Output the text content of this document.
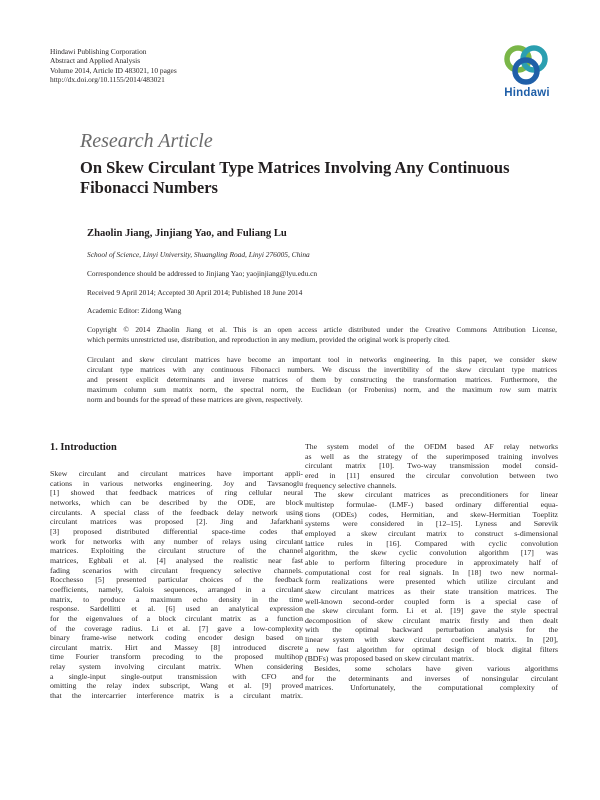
Hindawi Publishing Corporation
Abstract and Applied Analysis
Volume 2014, Article ID 483021, 10 pages
http://dx.doi.org/10.1155/2014/483021
Hindawi
Research Article
On Skew Circulant Type Matrices Involving Any Continuous
Fibonacci Numbers
Zhaolin Jiang, Jinjiang Yao, and Fuliang Lu
School of Science, Linyi University, Shuangling Road, Linyi 276005, China
Correspondence should be addressed to Jinjiang Yao; yaojinjiang@lyu.edu.cn
Received 9 April 2014; Accepted 30 April 2014; Published 18 June 2014
Academic Editor: Zidong Wang
Copyright © 2014 Zhaolin Jiang et al. This is an open access article distributed under the Creative Commons Attribution License,
which permits unrestricted use, distribution, and reproduction in any medium, provided the original work is properly cited.
Circulant and skew circulant matrices have become an important tool in networks engineering. In this paper, we consider skew
circulant type matrices with any continuous Fibonacci numbers. We discuss the invertibility of the skew circulant type matrices
and present explicit determinants and inverse matrices of them by constructing the transformation matrices. Furthermore, the
maximum column sum matrix norm, the spectral norm, the Euclidean (or Frobenius) norm, and the maximum row sum matrix
norm and bounds for the spread of these matrices are given, respectively.
1. Introduction
Skew circulant and circulant matrices have important appli-
cations in various networks engineering. Joy and Tavsanoglu
[1] showed that feedback matrices of ring cellular neural
networks, which can be described by the ODE, are block
circulants. A special class of the feedback delay network using
circulant matrices was proposed [2]. Jing and Jafarkhani
[3] proposed distributed differential space-time codes that
work for networks with any number of relays using circulant
matrices. Exploiting the circulant structure of the channel
matrices, Eghbali et al. [4] analysed the realistic near fast
fading scenarios with circulant frequency selective channels.
Rocchesso [5] presented particular choices of the feedback
coefficients, namely, Galois sequences, arranged in a circulant
matrix, to produce a maximum echo density in the time
response. Sardellitti et al. [6] used an analytical expression
for the eigenvalues of a block circulant matrix as a function
of the coverage radius. Li et al. [7] gave a low-complexity
binary frame-wise network coding encoder design based on
circulant matrix. Hirt and Massey [8] introduced discrete
time Fourier transform precoding to the proposed multihop
relay system involving circulant matrix. When considering
a single-input single-output transmission with CFO and
omitting the relay index subscript, Wang et al. [9] proved
that the intercarrier interference matrix is a circulant matrix.
The system model of the OFDM based AF relay networks
as well as the strategy of the superimposed training involves
circulant matrix [10]. Two-way transmission model consid-
ered in [11] ensured the circular convolution between two
frequency selective channels.
The skew circulant matrices as preconditioners for linear
multistep formulae- (LMF-) based ordinary differential equa-
tions (ODEs) codes, Hermitian, and skew-Hermitian Toeplitz
systems were considered in [12–15]. Lyness and Sørevik
employed a skew circulant matrix to construct s-dimensional
lattice rules in [16]. Compared with cyclic convolution
algorithm, the skew cyclic convolution algorithm [17] was
able to perform filtering procedure in approximately half of
computational cost for real signals. In [18] two new normal-
form realizations were presented which utilize circulant and
skew circulant matrices as their state transition matrices. The
well-known second-order coupled form is a special case of
the skew circulant form. Li et al. [19] gave the style spectral
decomposition of skew circulant matrix firstly and then dealt
with the optimal backward perturbation analysis for the
linear system with skew circulant coefficient matrix. In [20],
a new fast algorithm for optimal design of block digital filters
(BDFs) was proposed based on skew circulant matrix.
Besides, some scholars have given various algorithms
for the determinants and inverses of nonsingular circulant
matrices. Unfortunately, the computational complexity of
